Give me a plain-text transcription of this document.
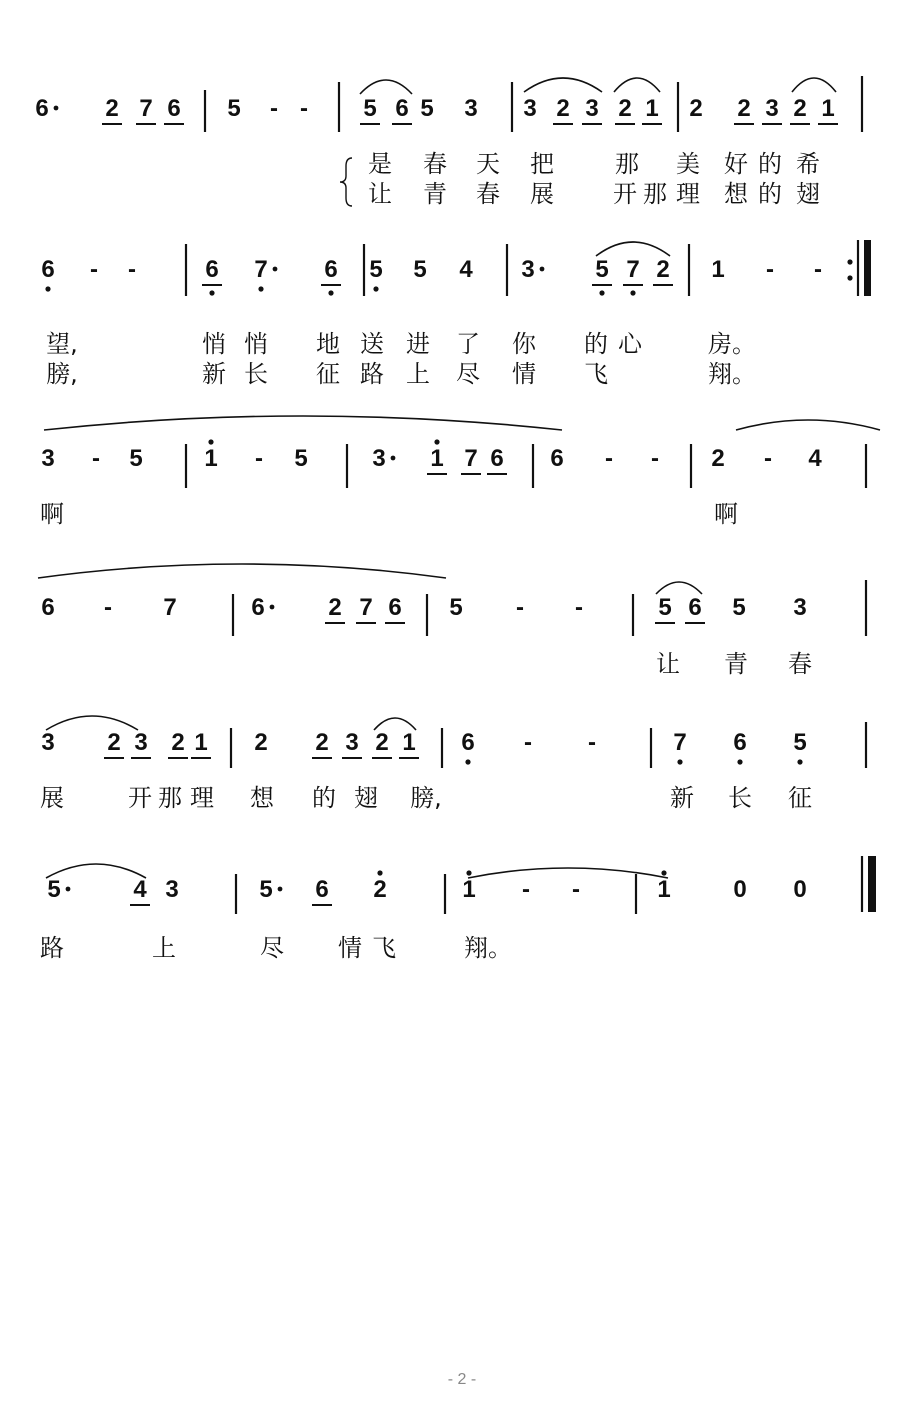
6 2 7 6 5 - - 5 6 5 3 3 2 3 2 1 2 2 3 2 1
是 春 天 把	那 美 好 的 希
让 青 春 展 开 那 理 想 的 翅
6 - -	6 7 6 5 5 4 3	5 7 2 1 - -
望,	悄 悄 地 送 进 了 你 的 心	房。
膀,	新 长 征 路 上 尽 情 飞	翔。
3 - 5	1 - 5	3 1 7 6 6 - - 2 - 4
啊	啊
6 - 7	6	2 7 6 5 - -	5 6 5 3
让 青 春
3 2 3 2 1 2 2 3 2 1 6 - -	7 6 5
展	开 那 理 想 的 翅 膀,	新 长 征
5	4 3	5 6 2	1 - -	1	0 0
路	上	尽 情 飞	翔。
- 2 -
